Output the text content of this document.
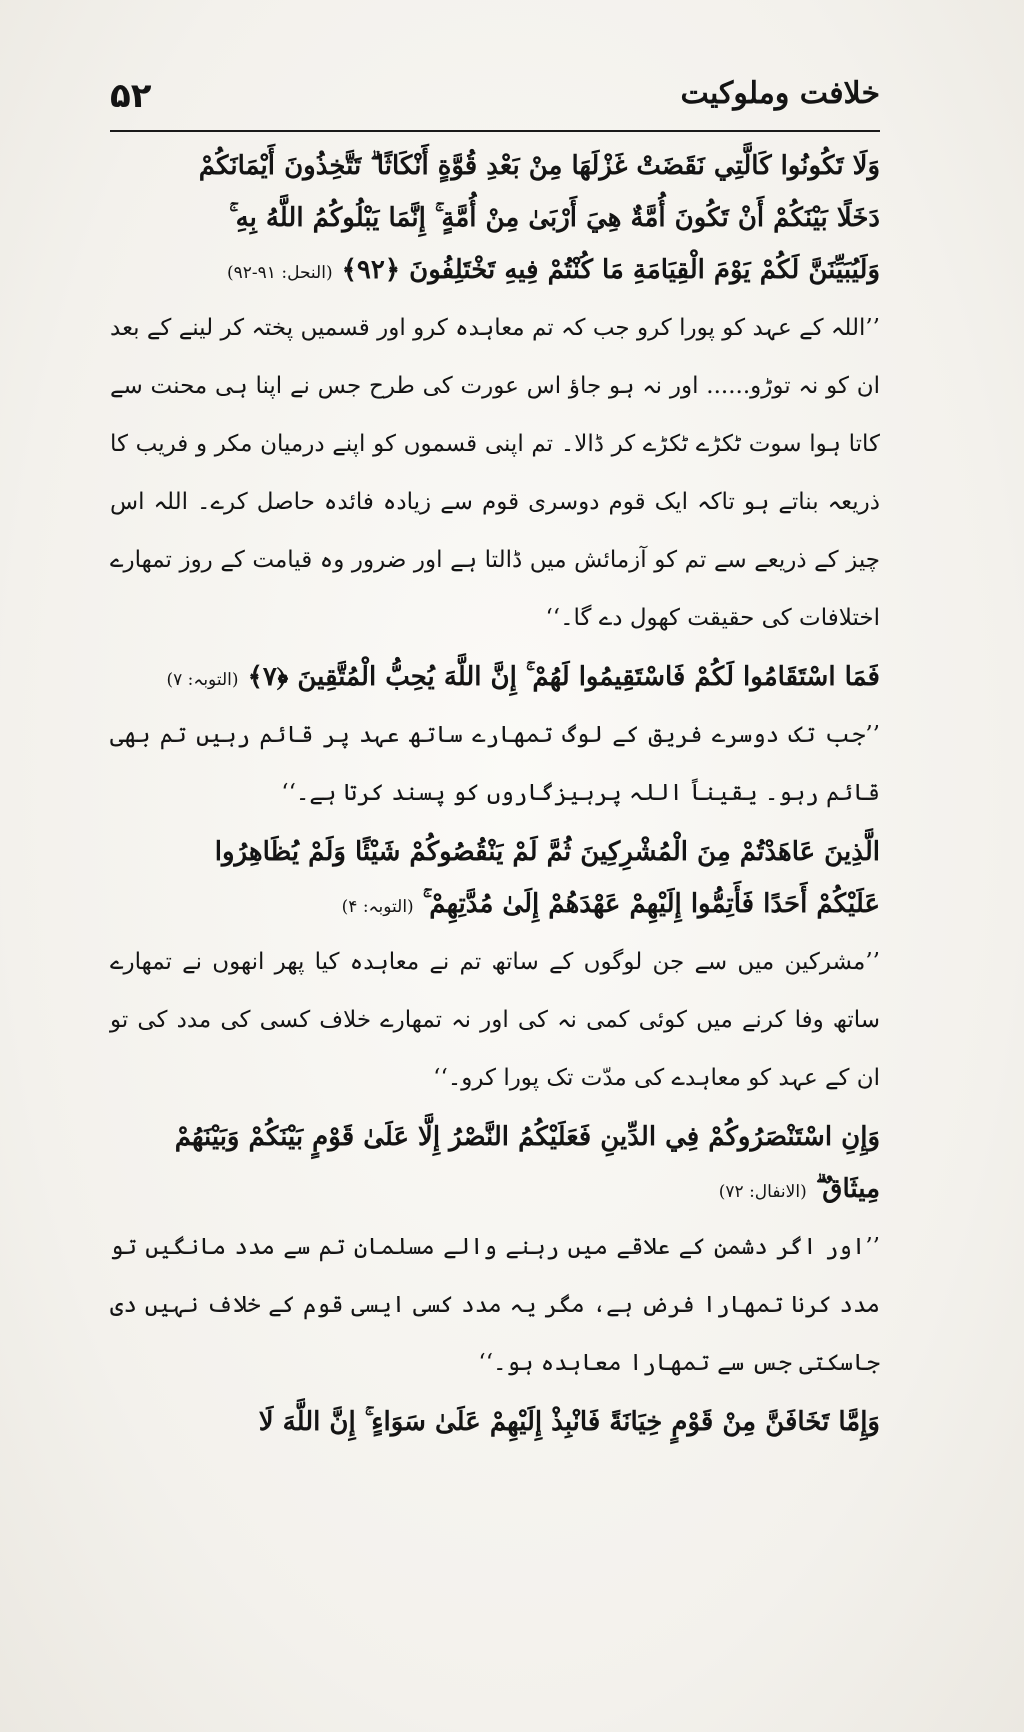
۵۲	خلافت وملوکیت

وَلَا تَكُونُوا كَالَّتِي نَقَضَتْ غَزْلَهَا مِنْ بَعْدِ قُوَّةٍ أَنْكَاثًا ۗ تَتَّخِذُونَ أَيْمَانَكُمْ

دَخَلًا بَيْنَكُمْ أَنْ تَكُونَ أُمَّةٌ هِيَ أَرْبَىٰ مِنْ أُمَّةٍ ۚ إِنَّمَا يَبْلُوكُمُ اللَّهُ بِهِ ۚ

وَلَيُبَيِّنَنَّ لَكُمْ يَوْمَ الْقِيَامَةِ مَا كُنْتُمْ فِيهِ تَخْتَلِفُونَ ﴿٩٢﴾ (النحل: ۹۱-۹۲)

’’اللہ کے عہد کو پورا کرو جب کہ تم معاہدہ کرو اور قسمیں پختہ کر لینے کے بعد ان کو نہ توڑو...... اور نہ ہو جاؤ اس عورت کی طرح جس نے اپنا ہی محنت سے کاتا ہوا سوت ٹکڑے ٹکڑے کر ڈالا۔ تم اپنی قسموں کو اپنے درمیان مکر و فریب کا ذریعہ بناتے ہو تاکہ ایک قوم دوسری قوم سے زیادہ فائدہ حاصل کرے۔ اللہ اس چیز کے ذریعے سے تم کو آزمائش میں ڈالتا ہے اور ضرور وہ قیامت کے روز تمھارے اختلافات کی حقیقت کھول دے گا۔‘‘

فَمَا اسْتَقَامُوا لَكُمْ فَاسْتَقِيمُوا لَهُمْ ۚ إِنَّ اللَّهَ يُحِبُّ الْمُتَّقِينَ ﴿٧﴾ (التوبہ: ۷)

’’جب تک دوسرے فریق کے لوگ تمھارے ساتھ عہد پر قائم رہیں تم بھی قائم رہو۔ یقیناً اللہ پرہیزگاروں کو پسند کرتا ہے۔‘‘

الَّذِينَ عَاهَدْتُمْ مِنَ الْمُشْرِكِينَ ثُمَّ لَمْ يَنْقُصُوكُمْ شَيْئًا وَلَمْ يُظَاهِرُوا

عَلَيْكُمْ أَحَدًا فَأَتِمُّوا إِلَيْهِمْ عَهْدَهُمْ إِلَىٰ مُدَّتِهِمْ ۚ (التوبہ: ۴)

’’مشرکین میں سے جن لوگوں کے ساتھ تم نے معاہدہ کیا پھر انھوں نے تمھارے ساتھ وفا کرنے میں کوئی کمی نہ کی اور نہ تمھارے خلاف کسی کی مدد کی تو ان کے عہد کو معاہدے کی مدّت تک پورا کرو۔‘‘

وَإِنِ اسْتَنْصَرُوكُمْ فِي الدِّينِ فَعَلَيْكُمُ النَّصْرُ إِلَّا عَلَىٰ قَوْمٍ بَيْنَكُمْ وَبَيْنَهُمْ

مِيثَاقٌ ۗ (الانفال: ۷۲)

’’اور اگر دشمن کے علاقے میں رہنے والے مسلمان تم سے مدد مانگیں تو مدد کرنا تمھارا فرض ہے، مگر یہ مدد کسی ایسی قوم کے خلاف نہیں دی جاسکتی جس سے تمھارا معاہدہ ہو۔‘‘

وَإِمَّا تَخَافَنَّ مِنْ قَوْمٍ خِيَانَةً فَانْبِذْ إِلَيْهِمْ عَلَىٰ سَوَاءٍ ۚ إِنَّ اللَّهَ لَا
